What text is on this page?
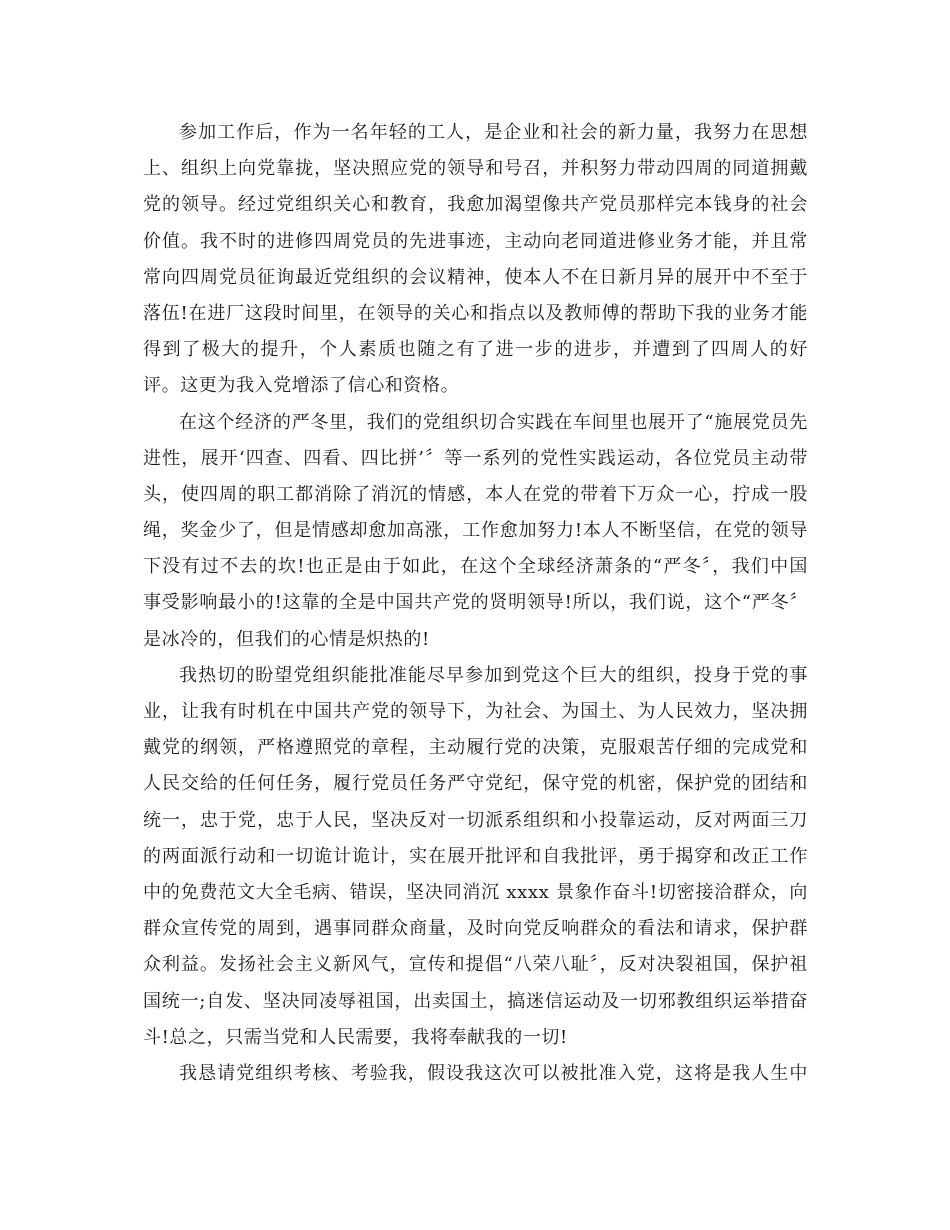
参加工作后，作为一名年轻的工人，是企业和社会的新力量，我努力在思想
上、组织上向党靠拢，坚决照应党的领导和号召，并积努力带动四周的同道拥戴
党的领导。经过党组织关心和教育，我愈加渴望像共产党员那样完本钱身的社会
价值。我不时的进修四周党员的先进事迹，主动向老同道进修业务才能，并且常
常向四周党员征询最近党组织的会议精神，使本人不在日新月异的展开中不至于
落伍!在进厂这段时间里，在领导的关心和指点以及教师傅的帮助下我的业务才能
得到了极大的提升，个人素质也随之有了进一步的进步，并遭到了四周人的好
评。这更为我入党增添了信心和资格。
在这个经济的严冬里，我们的党组织切合实践在车间里也展开了“施展党员先
进性，展开‘四查、四看、四比拼’〞等一系列的党性实践运动，各位党员主动带
头，使四周的职工都消除了消沉的情感，本人在党的带着下万众一心，拧成一股
绳，奖金少了，但是情感却愈加高涨，工作愈加努力!本人不断坚信，在党的领导
下没有过不去的坎!也正是由于如此，在这个全球经济萧条的“严冬〞，我们中国
事受影响最小的!这靠的全是中国共产党的贤明领导!所以，我们说，这个“严冬〞
是冰冷的，但我们的心情是炽热的!
我热切的盼望党组织能批准能尽早参加到党这个巨大的组织，投身于党的事
业，让我有时机在中国共产党的领导下，为社会、为国土、为人民效力，坚决拥
戴党的纲领，严格遵照党的章程，主动履行党的决策，克服艰苦仔细的完成党和
人民交给的任何任务，履行党员任务严守党纪，保守党的机密，保护党的团结和
统一，忠于党，忠于人民，坚决反对一切派系组织和小投靠运动，反对两面三刀
的两面派行动和一切诡计诡计，实在展开批评和自我批评，勇于揭穿和改正工作
中的免费范文大全毛病、错误，坚决同消沉 xxxx 景象作奋斗!切密接洽群众，向
群众宣传党的周到，遇事同群众商量，及时向党反响群众的看法和请求，保护群
众利益。发扬社会主义新风气，宣传和提倡“八荣八耻〞，反对决裂祖国，保护祖
国统一;自发、坚决同凌辱祖国，出卖国土，搞迷信运动及一切邪教组织运举措奋
斗!总之，只需当党和人民需要，我将奉献我的一切!
我恳请党组织考核、考验我，假设我这次可以被批准入党，这将是我人生中
